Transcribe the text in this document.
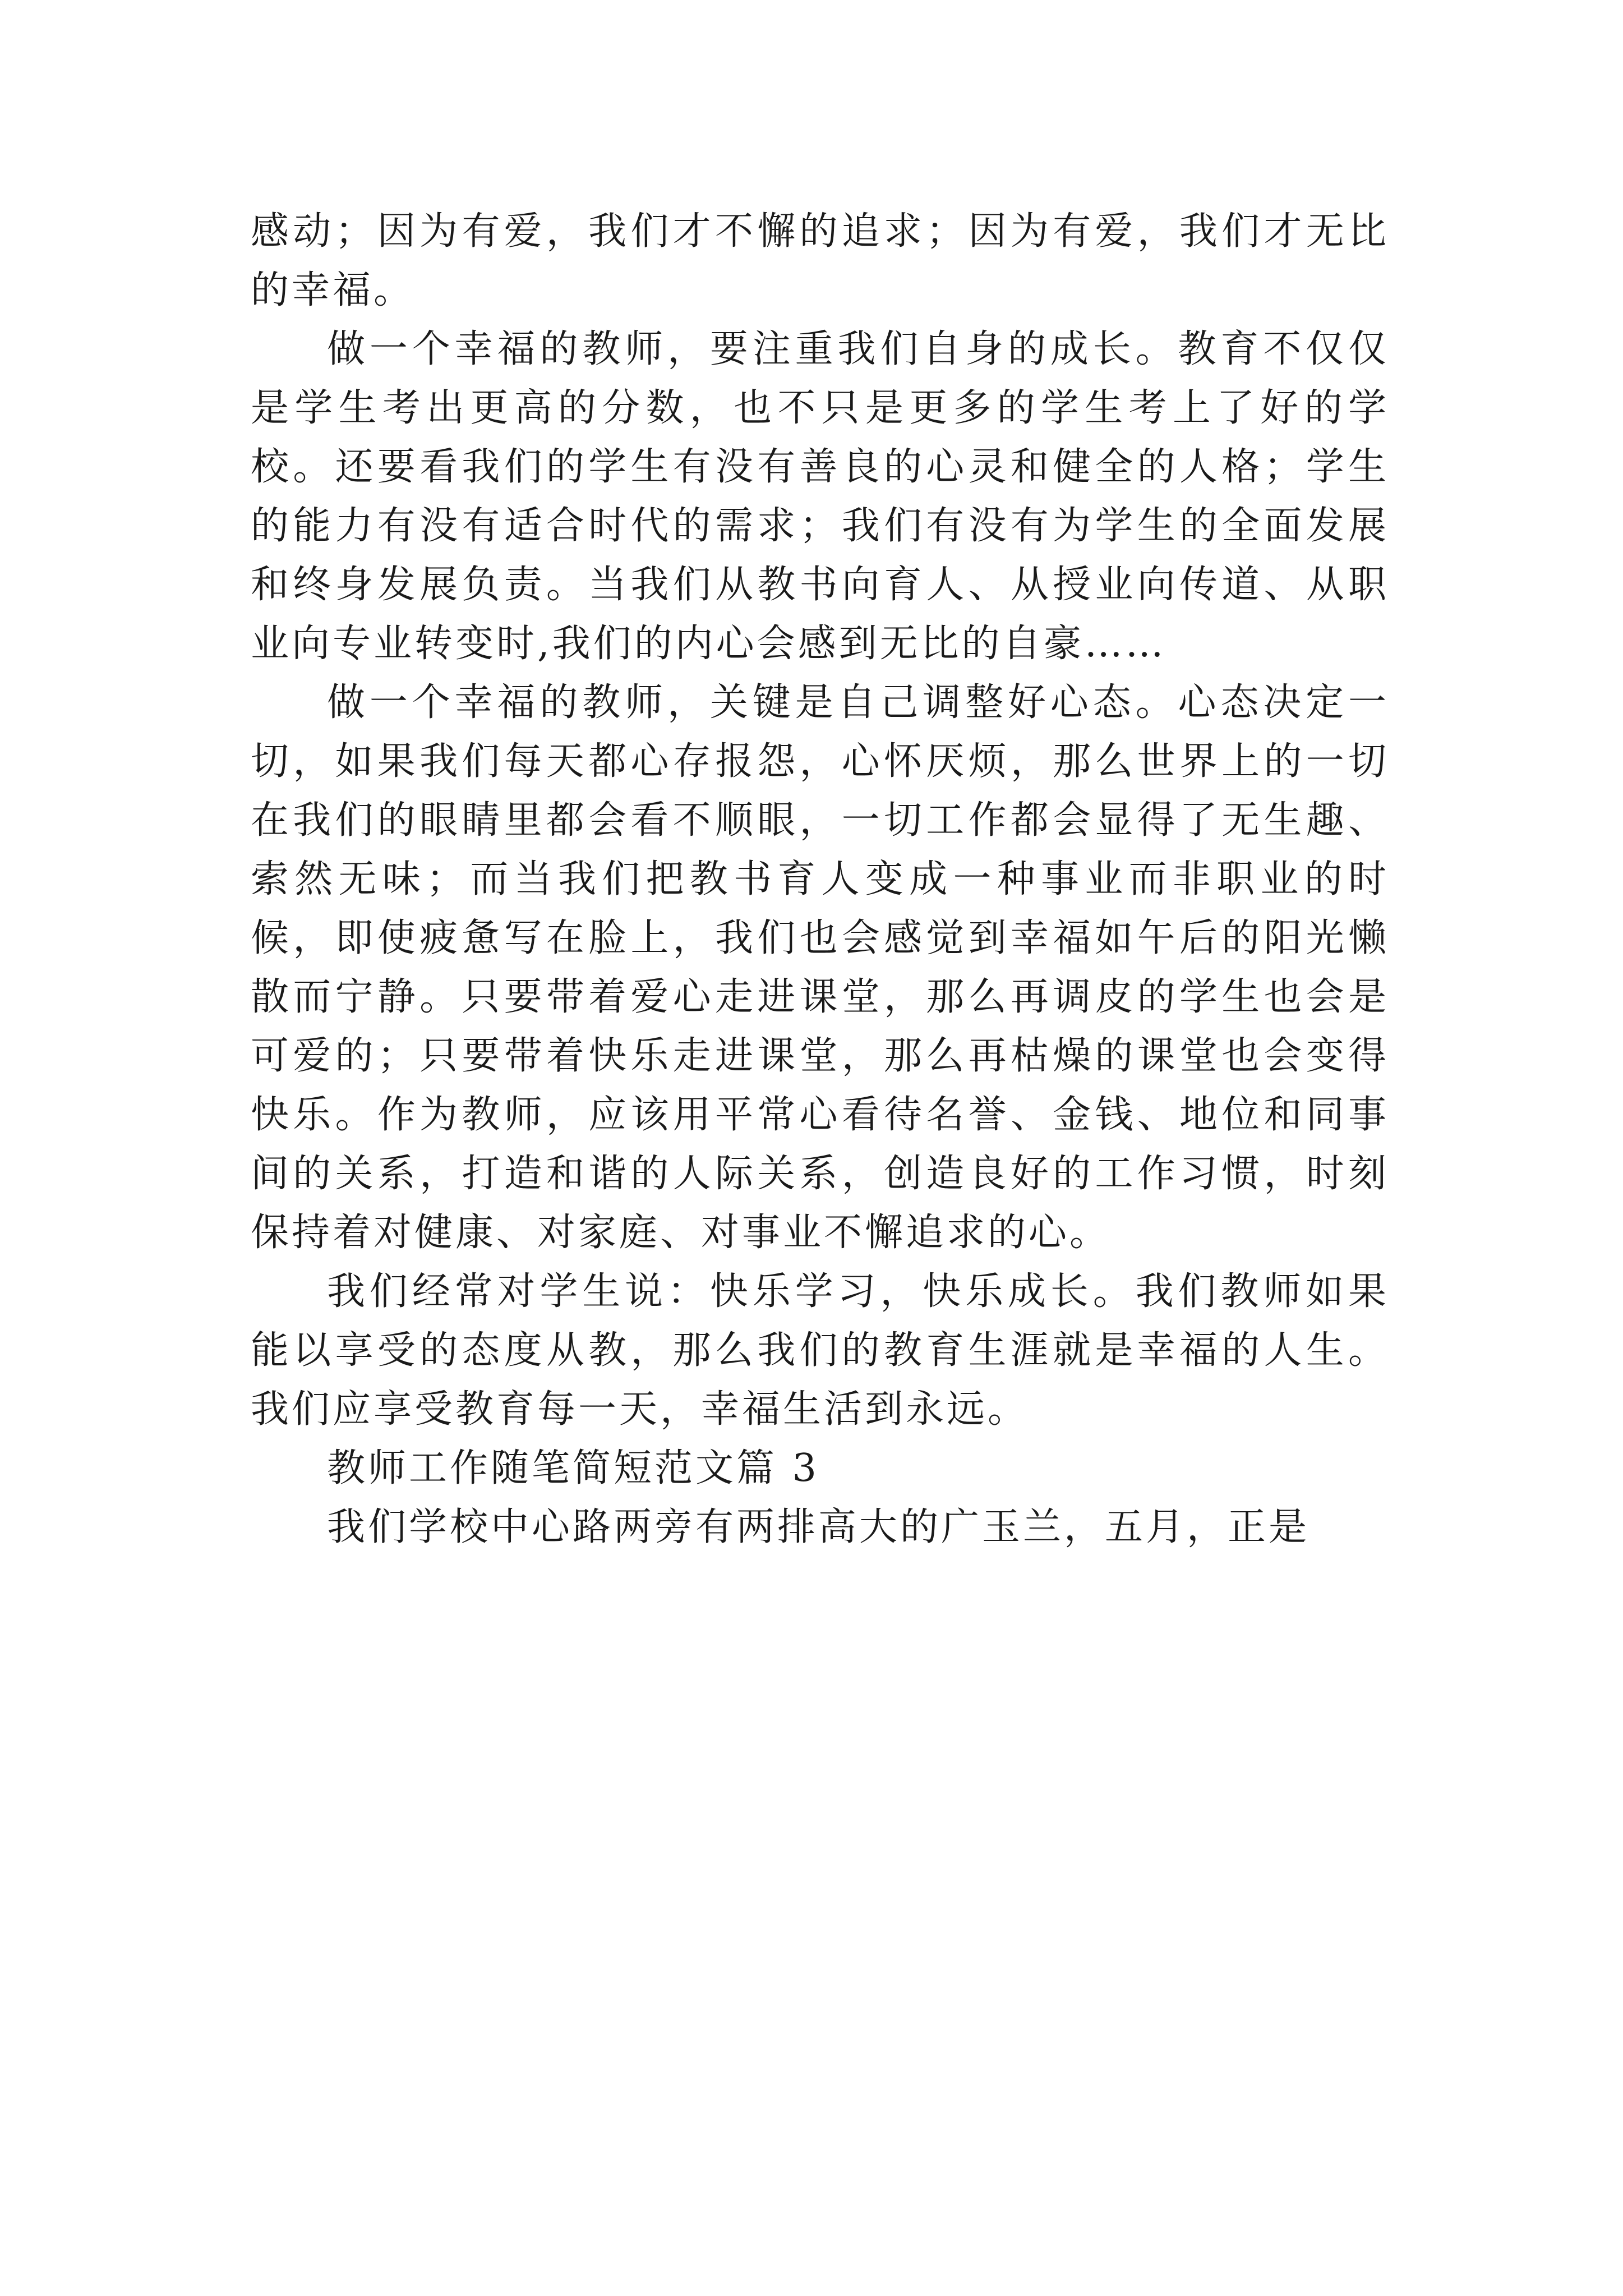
感动；因为有爱，我们才不懈的追求；因为有爱，我们才无比的幸福。

做一个幸福的教师，要注重我们自身的成长。教育不仅仅是学生考出更高的分数，也不只是更多的学生考上了好的学校。还要看我们的学生有没有善良的心灵和健全的人格；学生的能力有没有适合时代的需求；我们有没有为学生的全面发展和终身发展负责。当我们从教书向育人、从授业向传道、从职业向专业转变时,我们的内心会感到无比的自豪……

做一个幸福的教师，关键是自己调整好心态。心态决定一切，如果我们每天都心存报怨，心怀厌烦，那么世界上的一切在我们的眼睛里都会看不顺眼，一切工作都会显得了无生趣、索然无味；而当我们把教书育人变成一种事业而非职业的时候，即使疲惫写在脸上，我们也会感觉到幸福如午后的阳光懒散而宁静。只要带着爱心走进课堂，那么再调皮的学生也会是可爱的；只要带着快乐走进课堂，那么再枯燥的课堂也会变得快乐。作为教师，应该用平常心看待名誉、金钱、地位和同事间的关系，打造和谐的人际关系，创造良好的工作习惯，时刻保持着对健康、对家庭、对事业不懈追求的心。

我们经常对学生说：快乐学习，快乐成长。我们教师如果能以享受的态度从教，那么我们的教育生涯就是幸福的人生。我们应享受教育每一天，幸福生活到永远。

教师工作随笔简短范文篇 3

我们学校中心路两旁有两排高大的广玉兰，五月，正是
